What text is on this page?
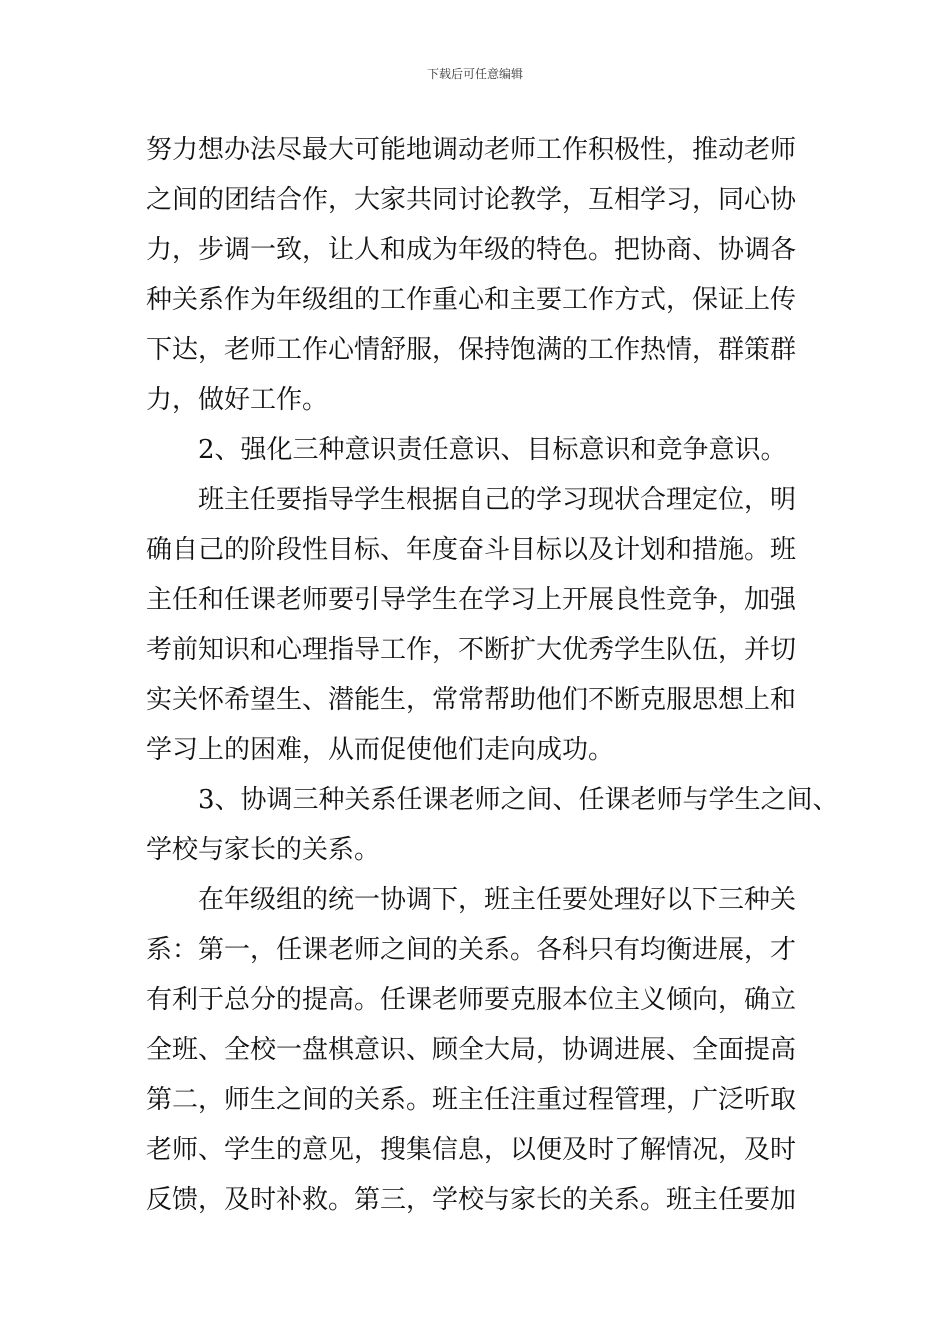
下载后可任意编辑
努力想办法尽最大可能地调动老师工作积极性，推动老师
之间的团结合作，大家共同讨论教学，互相学习，同心协
力，步调一致，让人和成为年级的特色。把协商、协调各
种关系作为年级组的工作重心和主要工作方式，保证上传
下达，老师工作心情舒服，保持饱满的工作热情，群策群
力，做好工作。
2、强化三种意识责任意识、目标意识和竞争意识。
班主任要指导学生根据自己的学习现状合理定位，明
确自己的阶段性目标、年度奋斗目标以及计划和措施。班
主任和任课老师要引导学生在学习上开展良性竞争，加强
考前知识和心理指导工作，不断扩大优秀学生队伍，并切
实关怀希望生、潜能生，常常帮助他们不断克服思想上和
学习上的困难，从而促使他们走向成功。
3、协调三种关系任课老师之间、任课老师与学生之间、
学校与家长的关系。
在年级组的统一协调下，班主任要处理好以下三种关
系：第一，任课老师之间的关系。各科只有均衡进展，才
有利于总分的提高。任课老师要克服本位主义倾向，确立
全班、全校一盘棋意识、顾全大局，协调进展、全面提高
第二，师生之间的关系。班主任注重过程管理，广泛听取
老师、学生的意见，搜集信息，以便及时了解情况，及时
反馈，及时补救。第三，学校与家长的关系。班主任要加
